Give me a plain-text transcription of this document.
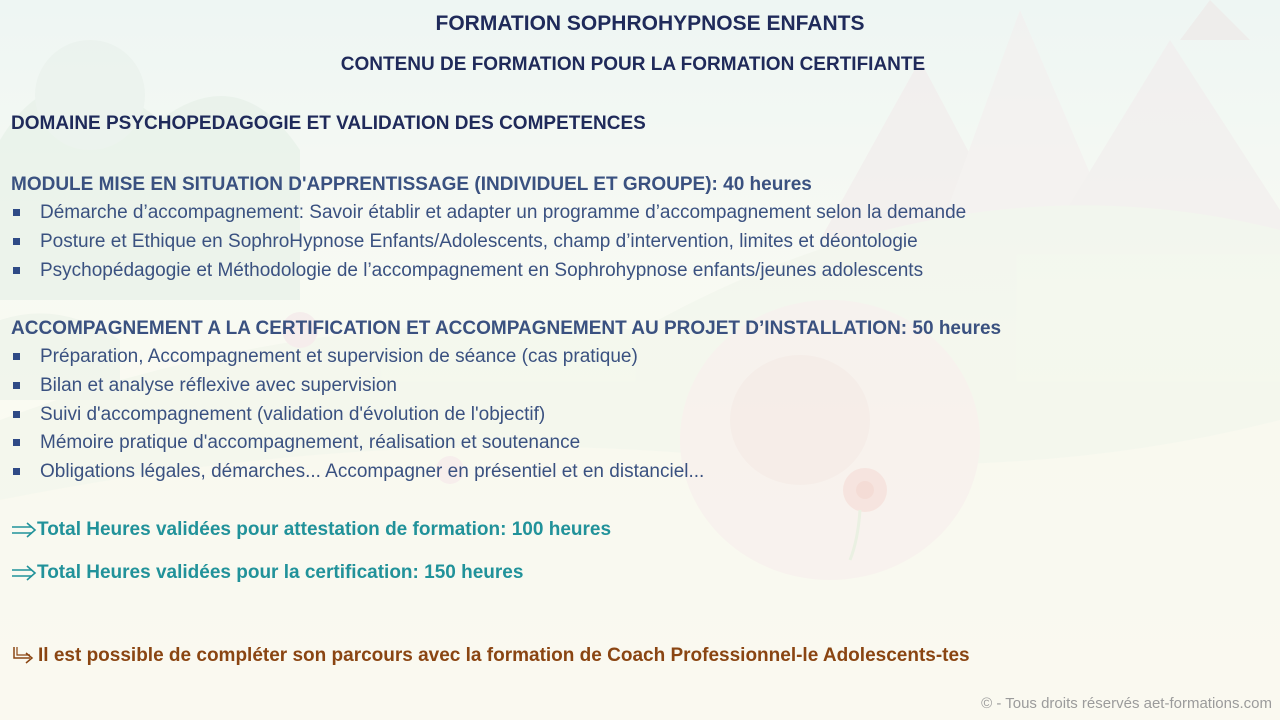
FORMATION SOPHROHYPNOSE ENFANTS
CONTENU DE FORMATION POUR LA FORMATION CERTIFIANTE
DOMAINE PSYCHOPEDAGOGIE ET VALIDATION DES COMPETENCES
MODULE MISE EN SITUATION D'APPRENTISSAGE (INDIVIDUEL ET GROUPE): 40 heures
Démarche d’accompagnement: Savoir établir et adapter un programme d’accompagnement selon la demande
Posture et Ethique en SophroHypnose Enfants/Adolescents, champ d’intervention, limites et déontologie
Psychopédagogie et Méthodologie de l’accompagnement en Sophrohypnose enfants/jeunes adolescents
ACCOMPAGNEMENT A LA CERTIFICATION ET ACCOMPAGNEMENT AU PROJET D’INSTALLATION: 50 heures
Préparation, Accompagnement et supervision de séance (cas pratique)
Bilan et analyse réflexive avec supervision
Suivi d'accompagnement (validation d'évolution de l'objectif)
Mémoire pratique d'accompagnement, réalisation et soutenance
Obligations légales, démarches... Accompagner en présentiel et en distanciel...
Total Heures validées pour attestation de formation: 100 heures
Total Heures validées pour la certification: 150 heures
Il est possible de compléter son parcours avec la formation de Coach Professionnel-le Adolescents-tes
© - Tous droits réservés aet-formations.com
